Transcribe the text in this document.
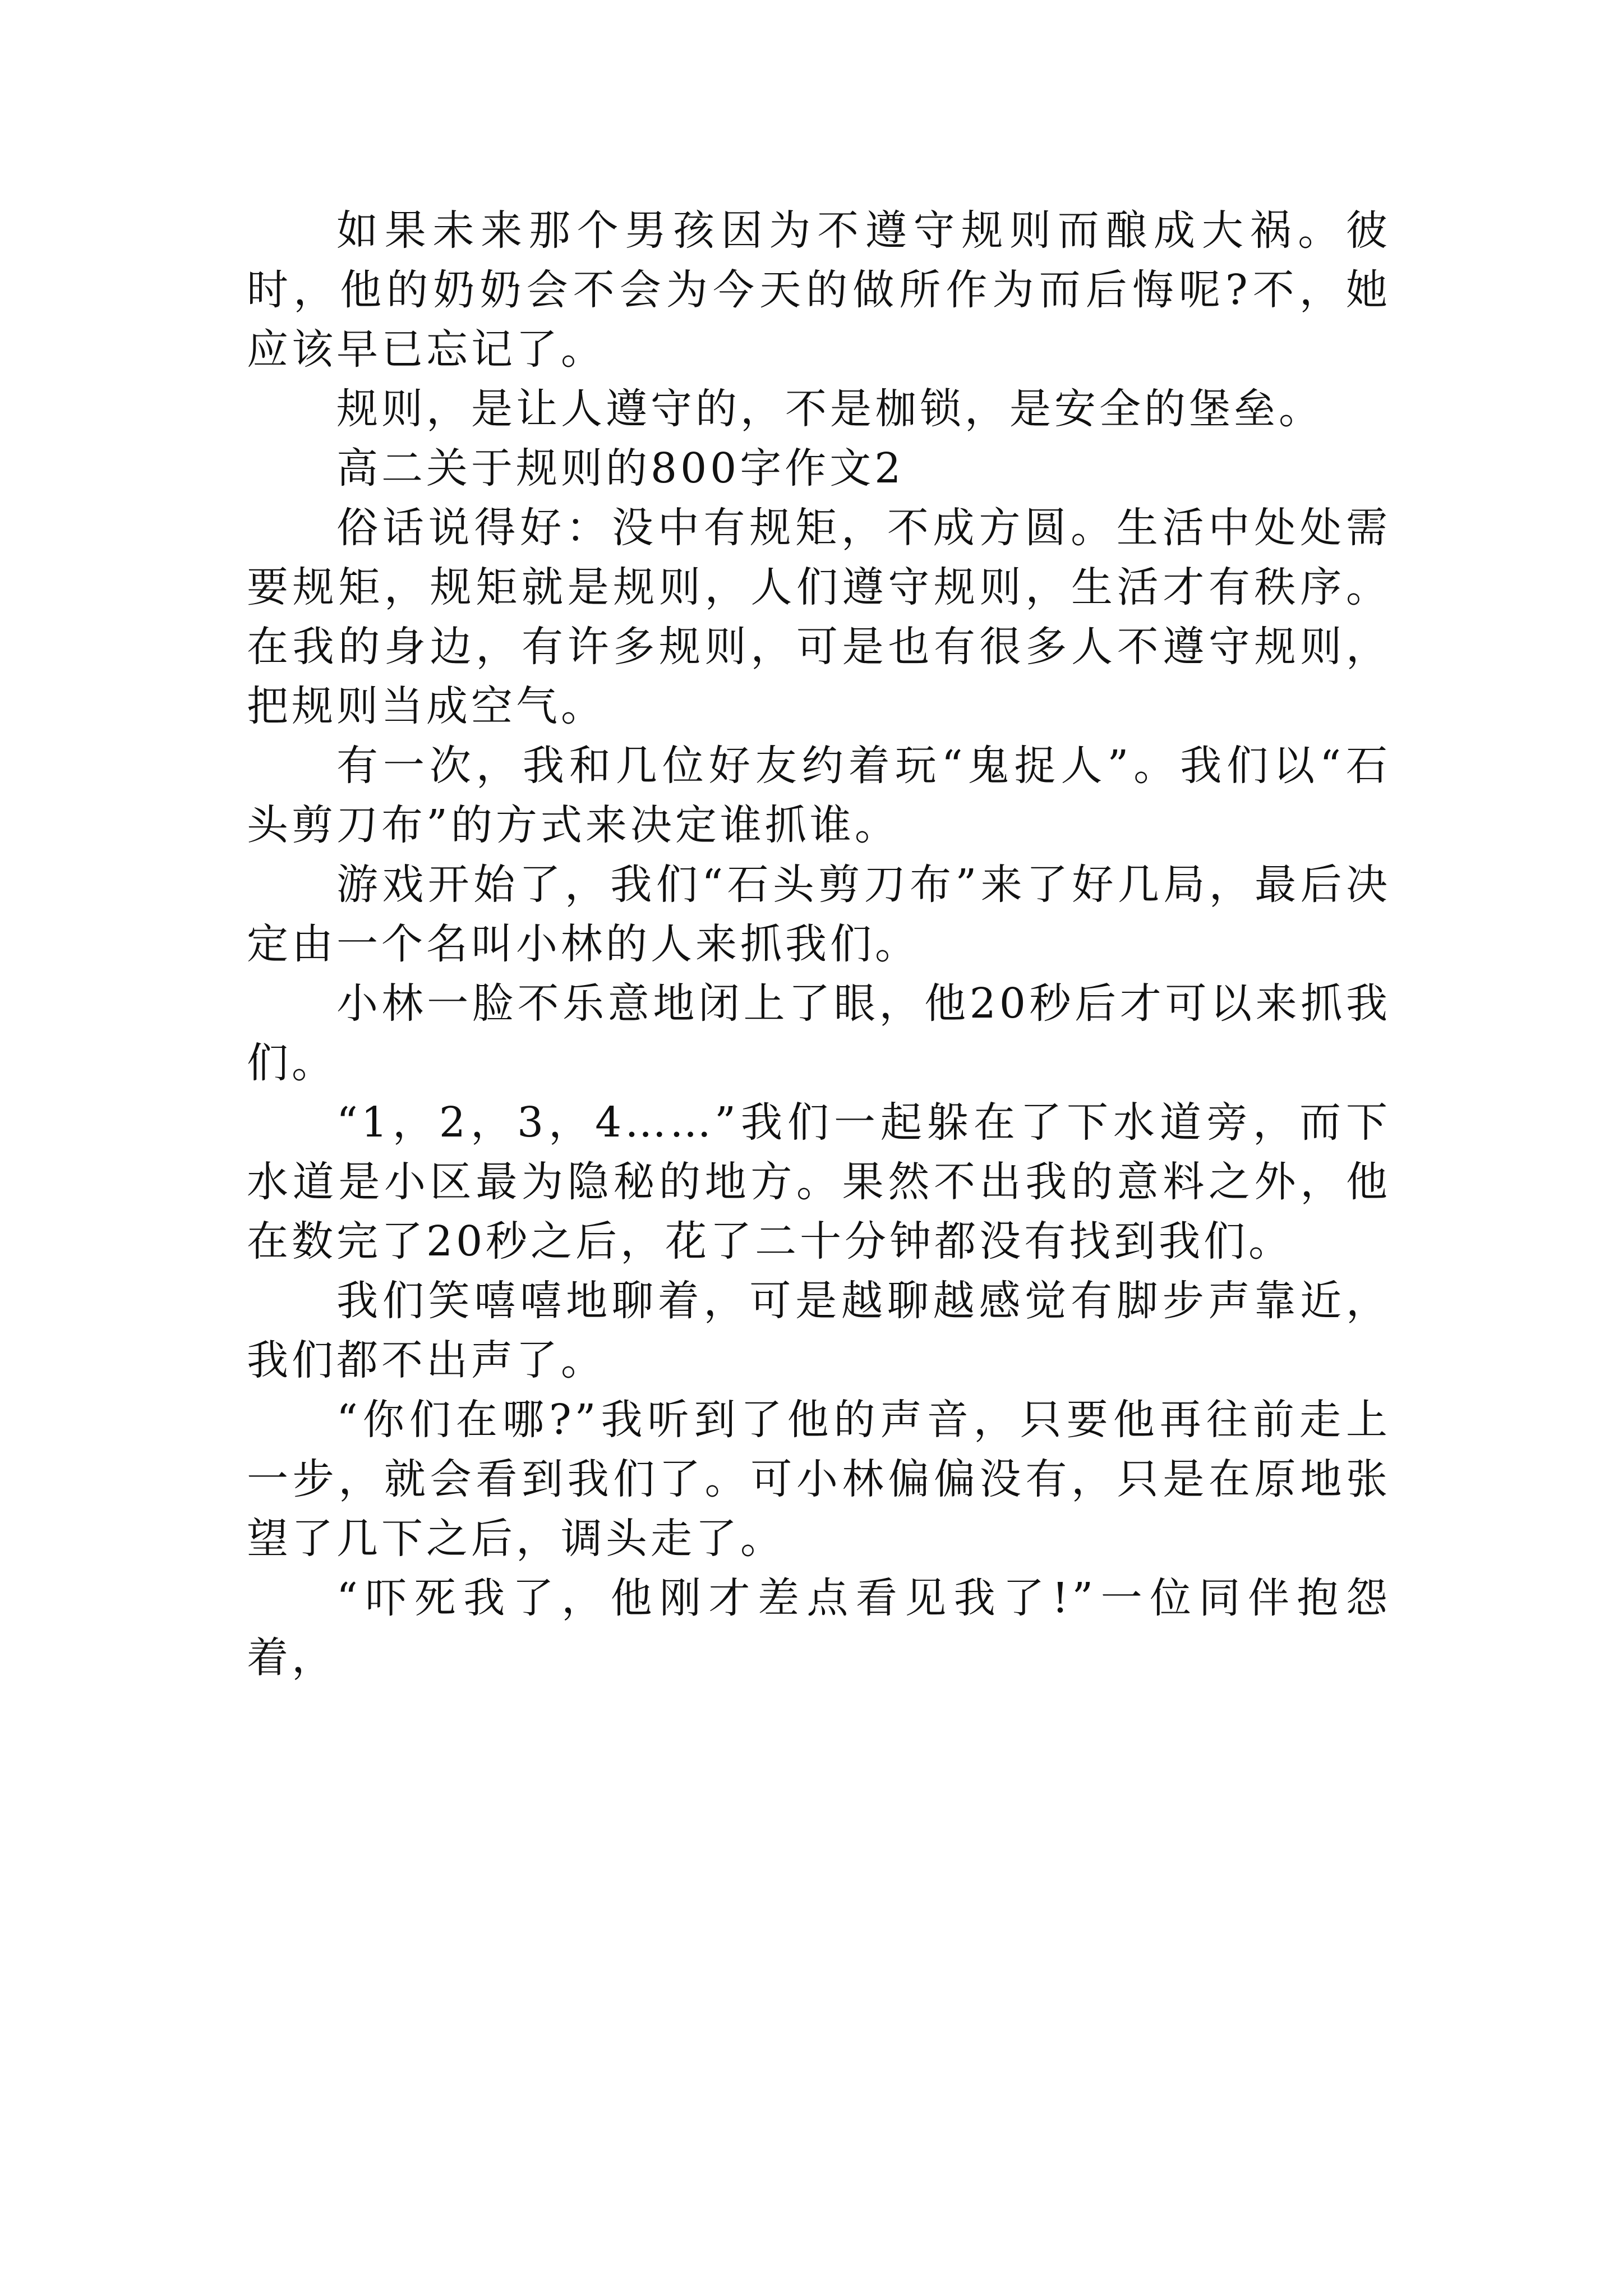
如果未来那个男孩因为不遵守规则而酿成大祸。彼时，他的奶奶会不会为今天的做所作为而后悔呢?不，她应该早已忘记了。

规则，是让人遵守的，不是枷锁，是安全的堡垒。

高二关于规则的800字作文2

俗话说得好：没中有规矩，不成方圆。生活中处处需要规矩，规矩就是规则，人们遵守规则，生活才有秩序。在我的身边，有许多规则，可是也有很多人不遵守规则，把规则当成空气。

有一次，我和几位好友约着玩“鬼捉人”。我们以“石头剪刀布”的方式来决定谁抓谁。

游戏开始了，我们“石头剪刀布”来了好几局，最后决定由一个名叫小林的人来抓我们。

小林一脸不乐意地闭上了眼，他20秒后才可以来抓我们。

“1，2，3，4……”我们一起躲在了下水道旁，而下水道是小区最为隐秘的地方。果然不出我的意料之外，他在数完了20秒之后，花了二十分钟都没有找到我们。

我们笑嘻嘻地聊着，可是越聊越感觉有脚步声靠近，我们都不出声了。

“你们在哪?”我听到了他的声音，只要他再往前走上一步，就会看到我们了。可小林偏偏没有，只是在原地张望了几下之后，调头走了。

“吓死我了，他刚才差点看见我了!”一位同伴抱怨着，
